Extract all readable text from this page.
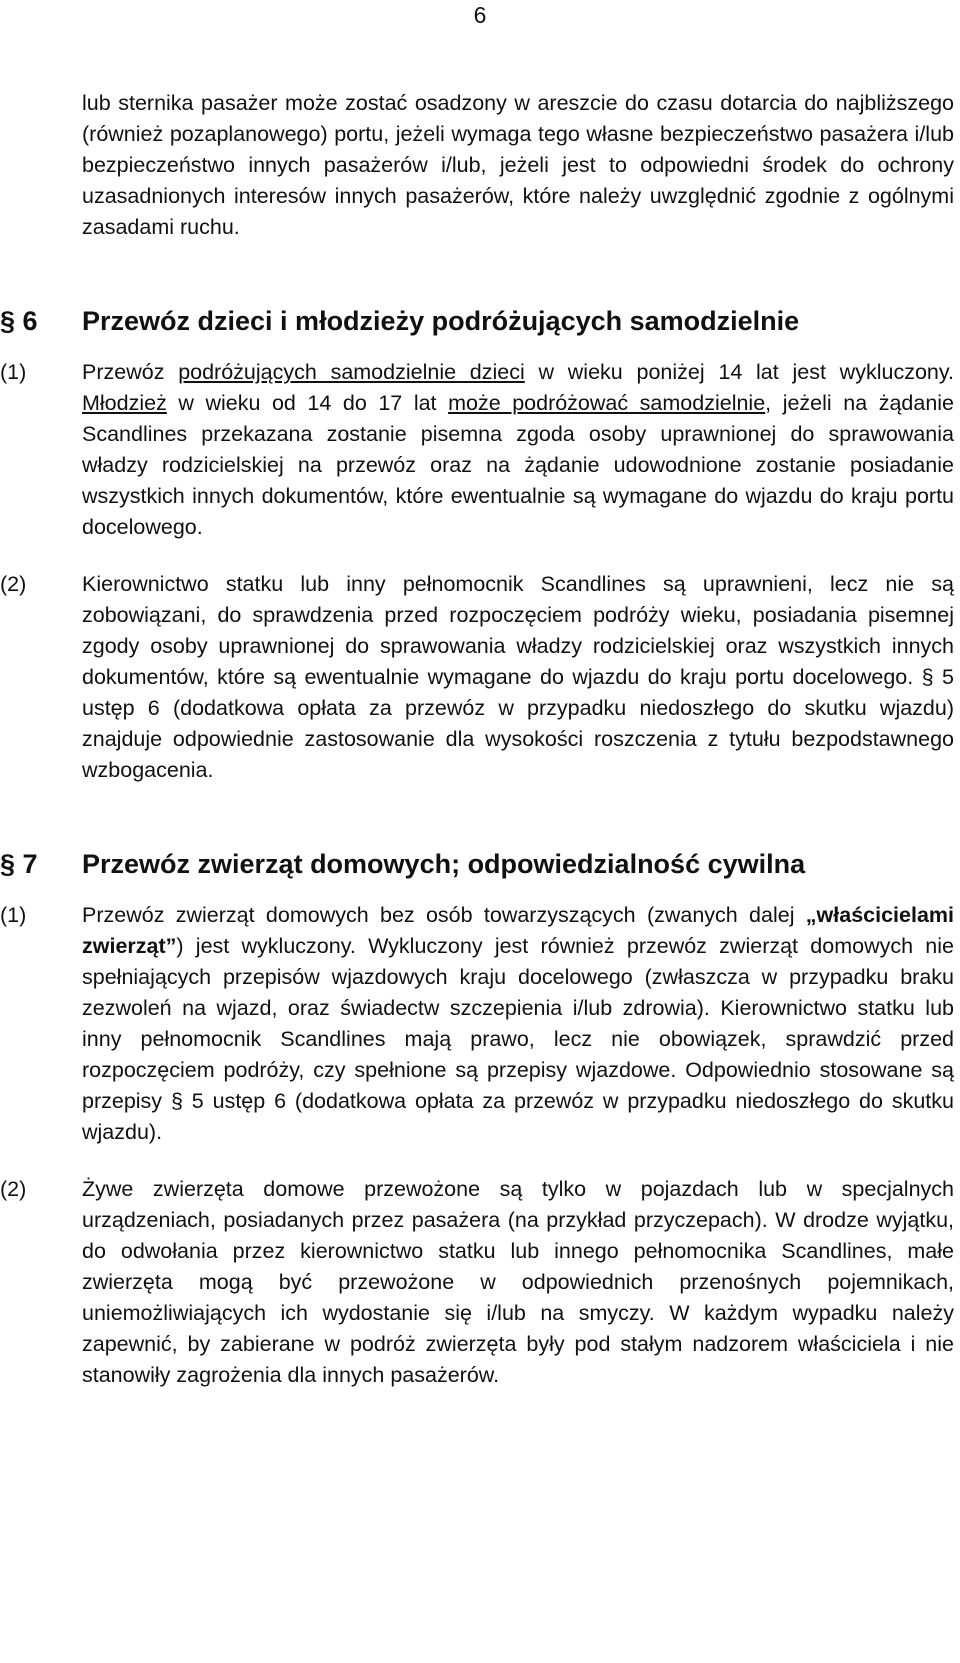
6
lub sternika pasażer może zostać osadzony w areszcie do czasu dotarcia do najbliższego (również pozaplanowego) portu, jeżeli wymaga tego własne bezpieczeństwo pasażera i/lub bezpieczeństwo innych pasażerów i/lub, jeżeli jest to odpowiedni środek do ochrony uzasadnionych interesów innych pasażerów, które należy uwzględnić zgodnie z ogólnymi zasadami ruchu.
§ 6	Przewóz dzieci i młodzieży podróżujących samodzielnie
(1)	Przewóz podróżujących samodzielnie dzieci w wieku poniżej 14 lat jest wykluczony. Młodzież w wieku od 14 do 17 lat może podróżować samodzielnie, jeżeli na żądanie Scandlines przekazana zostanie pisemna zgoda osoby uprawnionej do sprawowania władzy rodzicielskiej na przewóz oraz na żądanie udowodnione zostanie posiadanie wszystkich innych dokumentów, które ewentualnie są wymagane do wjazdu do kraju portu docelowego.
(2)	Kierownictwo statku lub inny pełnomocnik Scandlines są uprawnieni, lecz nie są zobowiązani, do sprawdzenia przed rozpoczęciem podróży wieku, posiadania pisemnej zgody osoby uprawnionej do sprawowania władzy rodzicielskiej oraz wszystkich innych dokumentów, które są ewentualnie wymagane do wjazdu do kraju portu docelowego. § 5 ustęp 6 (dodatkowa opłata za przewóz w przypadku niedoszłego do skutku wjazdu) znajduje odpowiednie zastosowanie dla wysokości roszczenia z tytułu bezpodstawnego wzbogacenia.
§ 7	Przewóz zwierząt domowych; odpowiedzialność cywilna
(1)	Przewóz zwierząt domowych bez osób towarzyszących (zwanych dalej „właścicielami zwierząt”) jest wykluczony. Wykluczony jest również przewóz zwierząt domowych nie spełniających przepisów wjazdowych kraju docelowego (zwłaszcza w przypadku braku zezwoleń na wjazd, oraz świadectw szczepienia i/lub zdrowia). Kierownictwo statku lub inny pełnomocnik Scandlines mają prawo, lecz nie obowiązek, sprawdzić przed rozpoczęciem podróży, czy spełnione są przepisy wjazdowe. Odpowiednio stosowane są przepisy § 5 ustęp 6 (dodatkowa opłata za przewóz w przypadku niedoszłego do skutku wjazdu).
(2)	Żywe zwierzęta domowe przewożone są tylko w pojazdach lub w specjalnych urządzeniach, posiadanych przez pasażera (na przykład przyczepach). W drodze wyjątku, do odwołania przez kierownictwo statku lub innego pełnomocnika Scandlines, małe zwierzęta mogą być przewożone w odpowiednich przenośnych pojemnikach, uniemożliwiających ich wydostanie się i/lub na smyczy. W każdym wypadku należy zapewnić, by zabierane w podróż zwierzęta były pod stałym nadzorem właściciela i nie stanowiły zagrożenia dla innych pasażerów.
